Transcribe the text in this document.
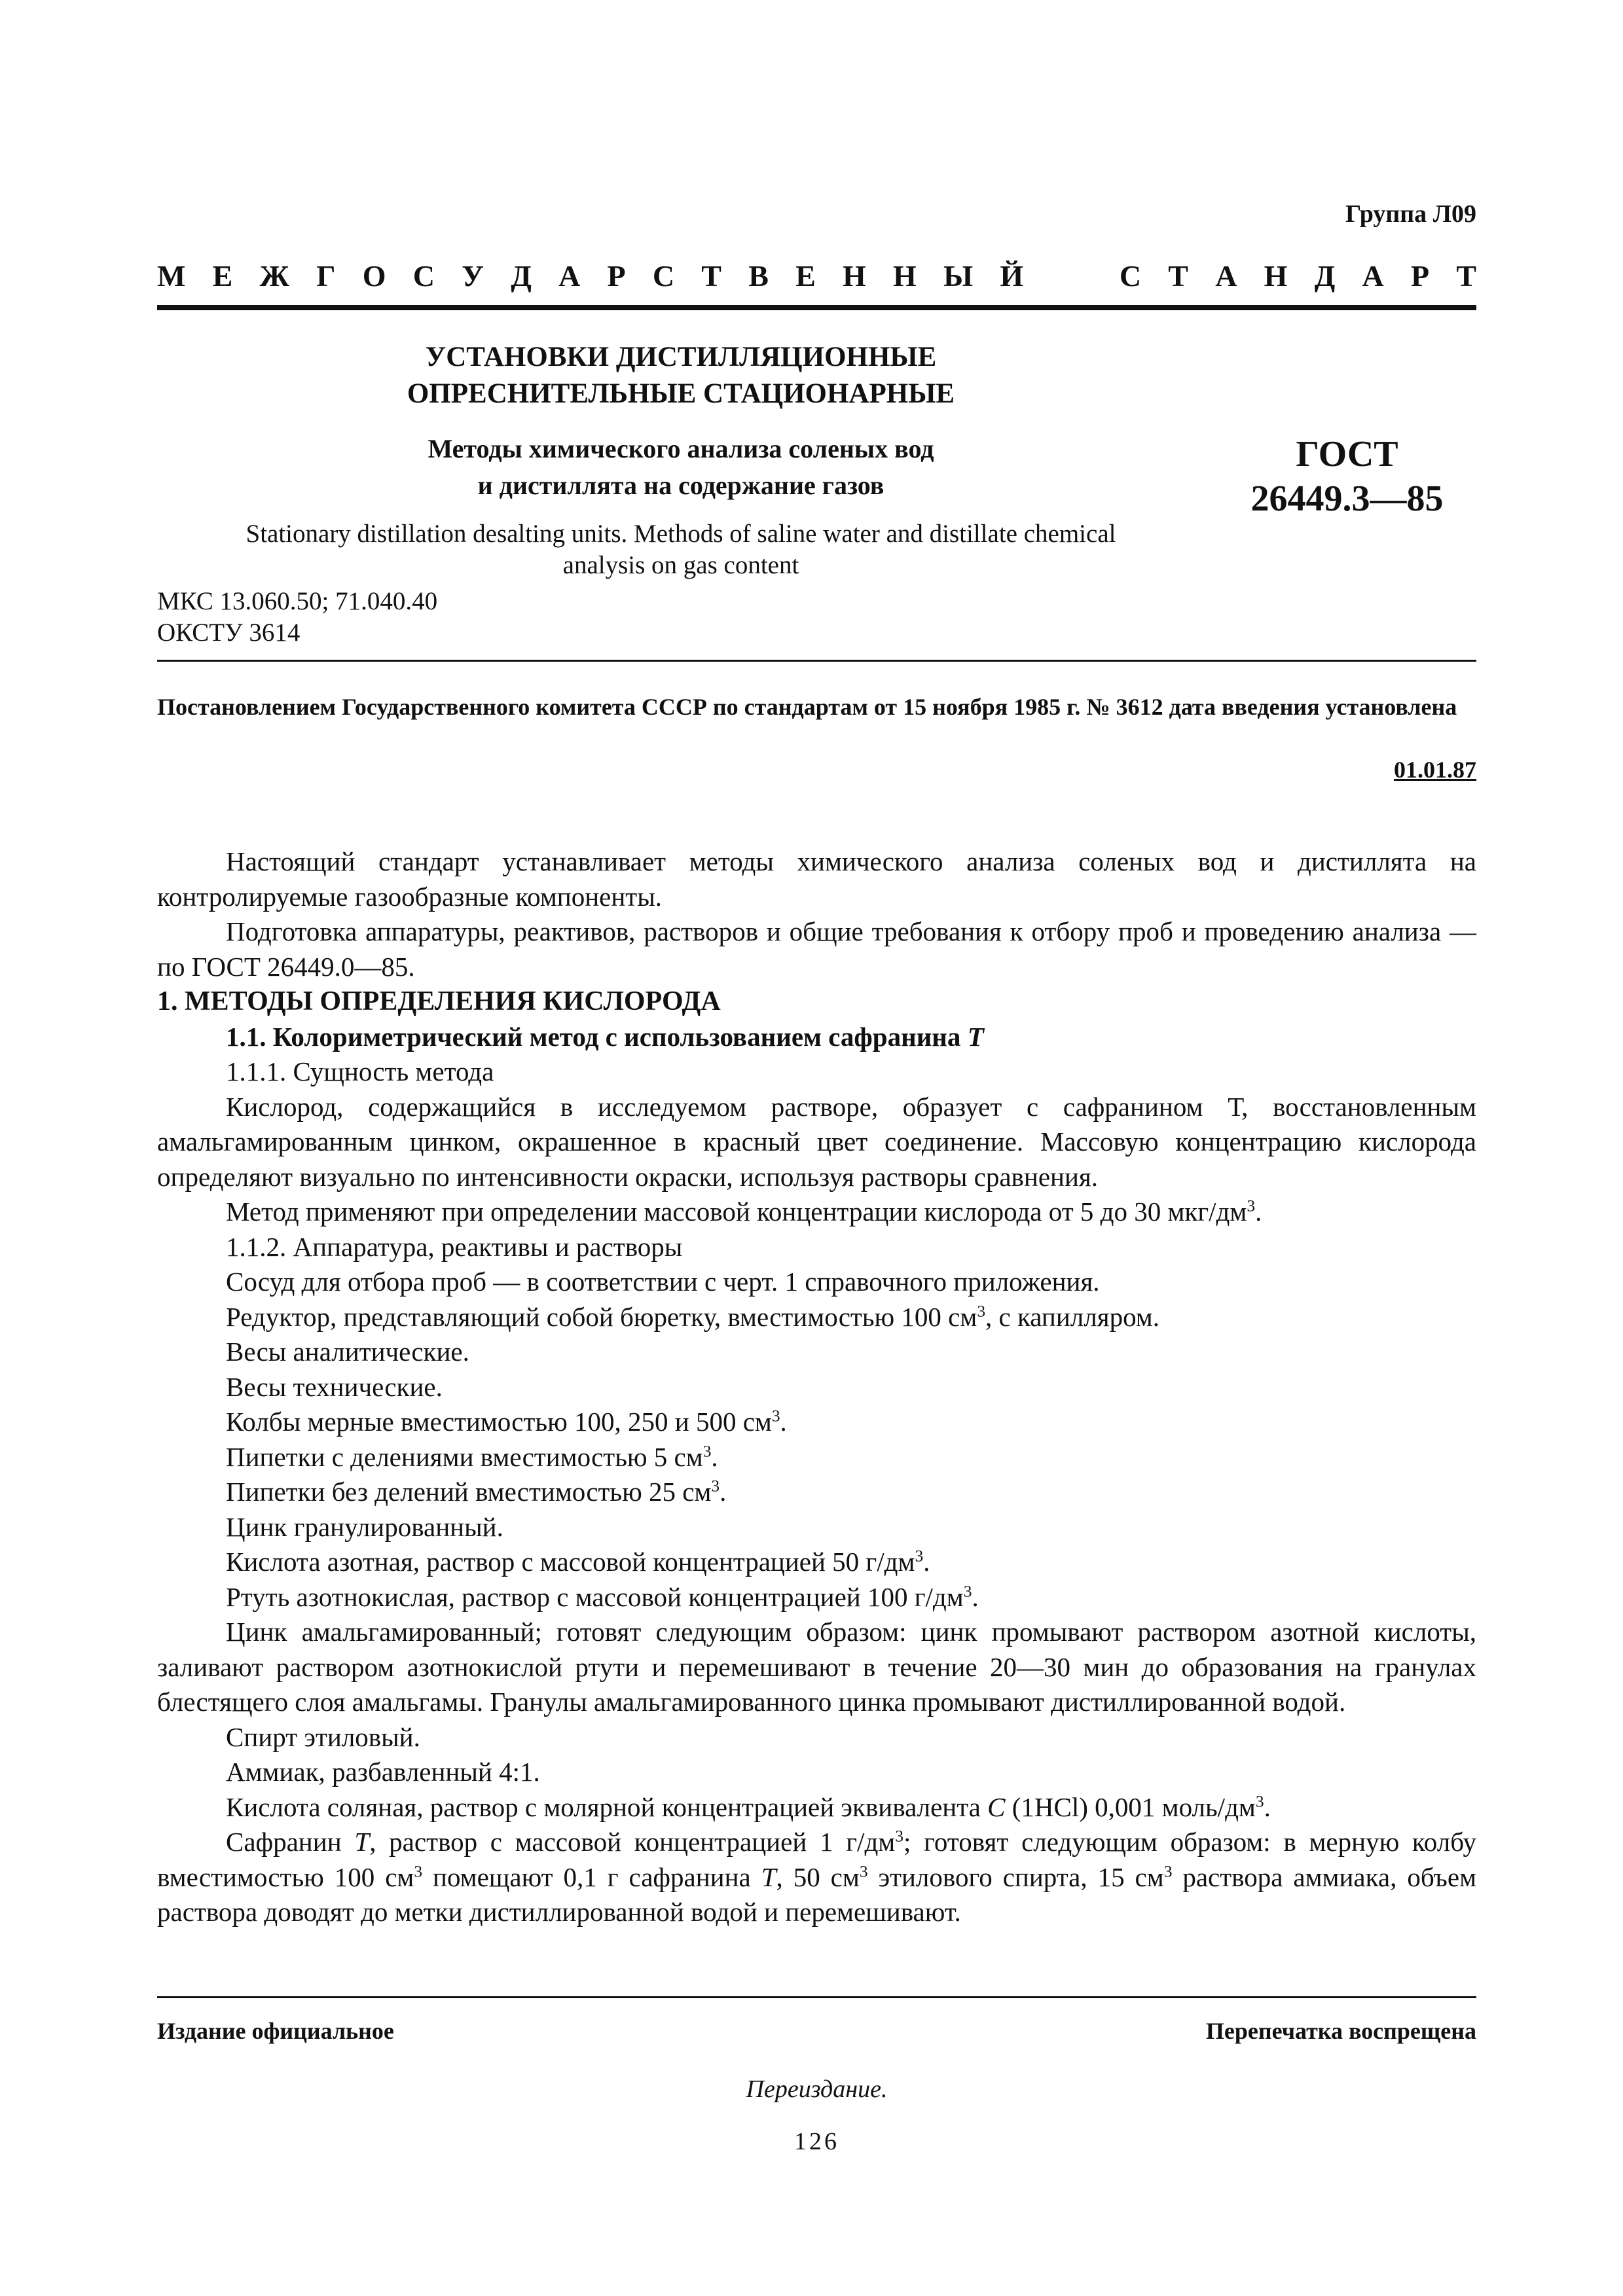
Группа Л09
М Е Ж Г О С У Д А Р С Т В Е Н Н Ы Й

	С Т А Н Д А Р Т
УСТАНОВКИ ДИСТИЛЛЯЦИОННЫЕ
ОПРЕСНИТЕЛЬНЫЕ СТАЦИОНАРНЫЕ
Методы химического анализа соленых вод
и дистиллята на содержание газов
Stationary distillation desalting units. Methods of saline water and distillate chemical
analysis on gas content
ГОСТ
26449.3—85
МКС 13.060.50; 71.040.40
ОКСТУ 3614
Постановлением Государственного комитета СССР по стандартам от 15 ноября 1985 г. № 3612 дата введения установлена
01.01.87

Настоящий стандарт устанавливает методы химического анализа соленых вод и дистиллята на контролируемые газообразные компоненты.

Подготовка аппаратуры, реактивов, растворов и общие требования к отбору проб и проведению анализа — по ГОСТ 26449.0—85.

1. МЕТОДЫ ОПРЕДЕЛЕНИЯ КИСЛОРОДА

1.1. Колориметрический метод с использованием сафранина Т

1.1.1. Сущность метода

Кислород, содержащийся в исследуемом растворе, образует с сафранином Т, восстановленным амальгамированным цинком, окрашенное в красный цвет соединение. Массовую концентрацию кислорода определяют визуально по интенсивности окраски, используя растворы сравнения.

Метод применяют при определении массовой концентрации кислорода от 5 до 30 мкг/$дм^3$.

1.1.2. Аппаратура, реактивы и растворы

Сосуд для отбора проб — в соответствии с черт. 1 справочного приложения.

Редуктор, представляющий собой бюретку, вместимостью 100 $см^3$, с капилляром.

Весы аналитические.

Весы технические.

Колбы мерные вместимостью 100, 250 и 500 $см^3$.

Пипетки с делениями вместимостью 5 $см^3$.

Пипетки без делений вместимостью 25 $см^3$.

Цинк гранулированный.

Кислота азотная, раствор с массовой концентрацией 50 $г/дм^3$.

Ртуть азотнокислая, раствор с массовой концентрацией 100 $г/дм^3$.

Цинк амальгамированный; готовят следующим образом: цинк промывают раствором азотной кислоты, заливают раствором азотнокислой ртути и перемешивают в течение 20—30 мин до образования на гранулах блестящего слоя амальгамы. Гранулы амальгамированного цинка промывают дистиллированной водой.

Спирт этиловый.

Аммиак, разбавленный 4:1.

Кислота соляная, раствор с молярной концентрацией эквивалента С (1HCl) 0,001 моль/$дм^3$.

Сафранин Т, раствор с массовой концентрацией 1 $г/дм^3$; готовят следующим образом: в мерную колбу вместимостью 100 $см^3$ помещают 0,1 г сафранина Т, 50 $см^3$ этилового спирта, 15 $см^3$ раствора аммиака, объем раствора доводят до метки дистиллированной водой и перемешивают.

Издание официальное	Перепечатка воспрещена
Переиздание.
126
